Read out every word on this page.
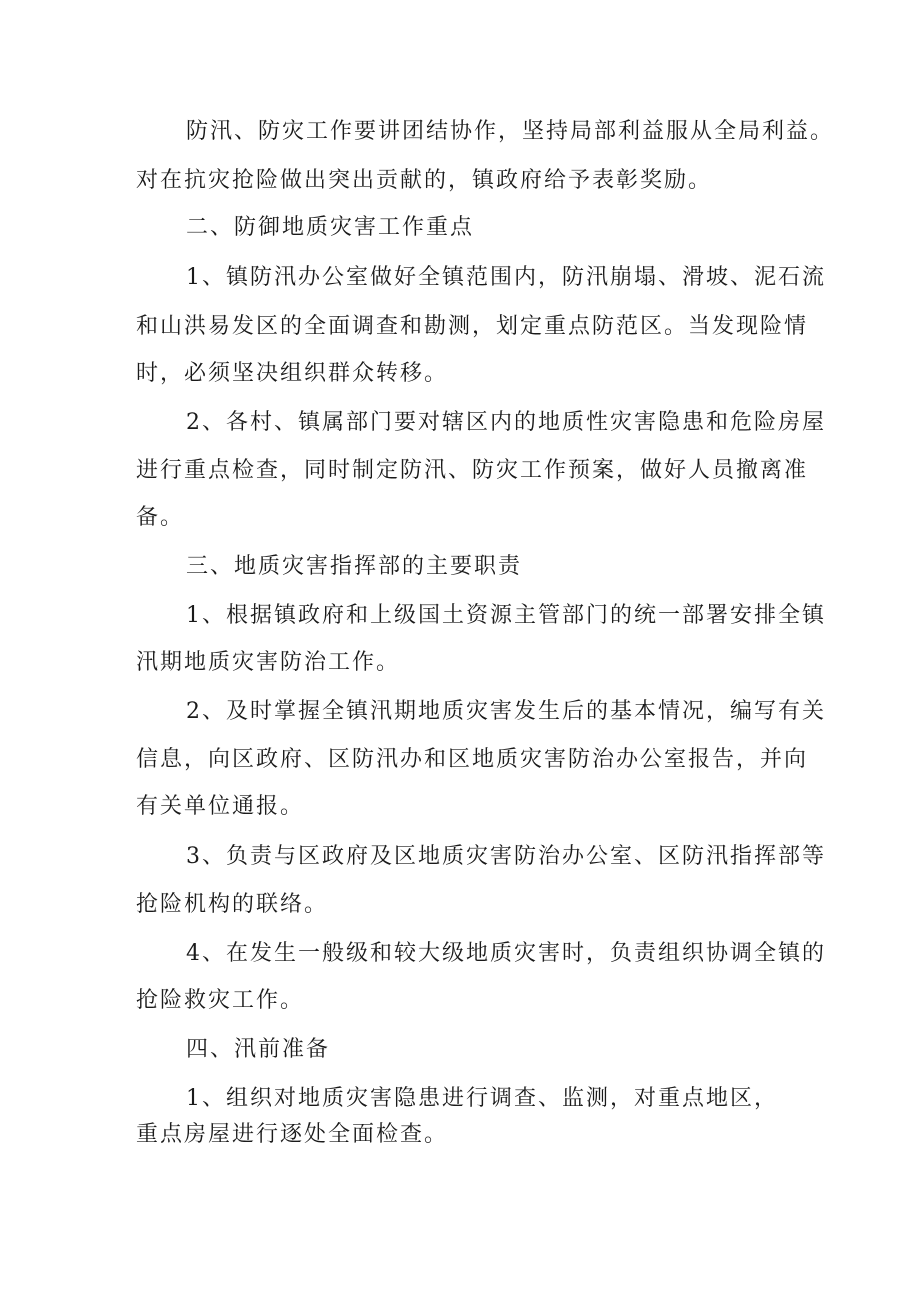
防汛、防灾工作要讲团结协作，坚持局部利益服从全局利益。
对在抗灾抢险做出突出贡献的，镇政府给予表彰奖励。
二、防御地质灾害工作重点
1、镇防汛办公室做好全镇范围内，防汛崩塌、滑坡、泥石流
和山洪易发区的全面调查和勘测，划定重点防范区。当发现险情
时，必须坚决组织群众转移。
2、各村、镇属部门要对辖区内的地质性灾害隐患和危险房屋
进行重点检查，同时制定防汛、防灾工作预案，做好人员撤离准
备。
三、地质灾害指挥部的主要职责
1、根据镇政府和上级国土资源主管部门的统一部署安排全镇
汛期地质灾害防治工作。
2、及时掌握全镇汛期地质灾害发生后的基本情况，编写有关
信息，向区政府、区防汛办和区地质灾害防治办公室报告，并向
有关单位通报。
3、负责与区政府及区地质灾害防治办公室、区防汛指挥部等
抢险机构的联络。
4、在发生一般级和较大级地质灾害时，负责组织协调全镇的
抢险救灾工作。
四、汛前准备
1、组织对地质灾害隐患进行调查、监测，对重点地区，
重点房屋进行逐处全面检查。
